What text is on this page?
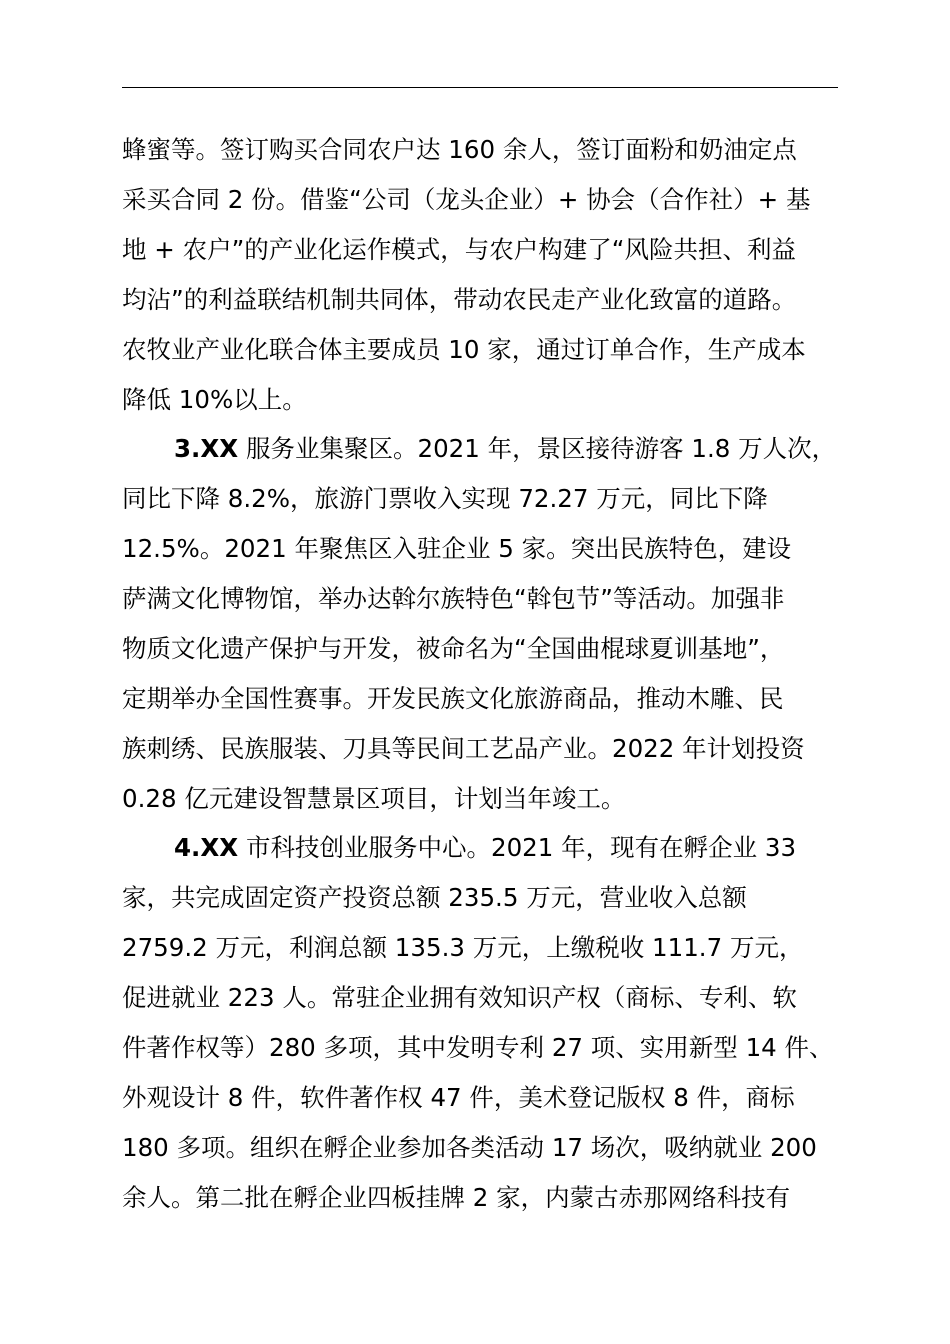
蜂蜜等。签订购买合同农户达 160 余人，签订面粉和奶油定点
采买合同 2 份。借鉴“公司（龙头企业）+ 协会（合作社）+ 基
地 + 农户”的产业化运作模式，与农户构建了“风险共担、利益
均沾”的利益联结机制共同体，带动农民走产业化致富的道路。
农牧业产业化联合体主要成员 10 家，通过订单合作，生产成本
降低 10%以上。
3.XX 服务业集聚区。2021 年，景区接待游客 1.8 万人次，
同比下降 8.2%，旅游门票收入实现 72.27 万元，同比下降
12.5%。2021 年聚焦区入驻企业 5 家。突出民族特色，建设
萨满文化博物馆，举办达斡尔族特色“斡包节”等活动。加强非
物质文化遗产保护与开发，被命名为“全国曲棍球夏训基地”，
定期举办全国性赛事。开发民族文化旅游商品，推动木雕、民
族刺绣、民族服装、刀具等民间工艺品产业。2022 年计划投资
0.28 亿元建设智慧景区项目，计划当年竣工。
4.XX 市科技创业服务中心。2021 年，现有在孵企业 33
家，共完成固定资产投资总额 235.5 万元，营业收入总额
2759.2 万元，利润总额 135.3 万元，上缴税收 111.7 万元，
促进就业 223 人。常驻企业拥有效知识产权（商标、专利、软
件著作权等）280 多项，其中发明专利 27 项、实用新型 14 件、
外观设计 8 件，软件著作权 47 件，美术登记版权 8 件，商标
180 多项。组织在孵企业参加各类活动 17 场次，吸纳就业 200
余人。第二批在孵企业四板挂牌 2 家，内蒙古赤那网络科技有
